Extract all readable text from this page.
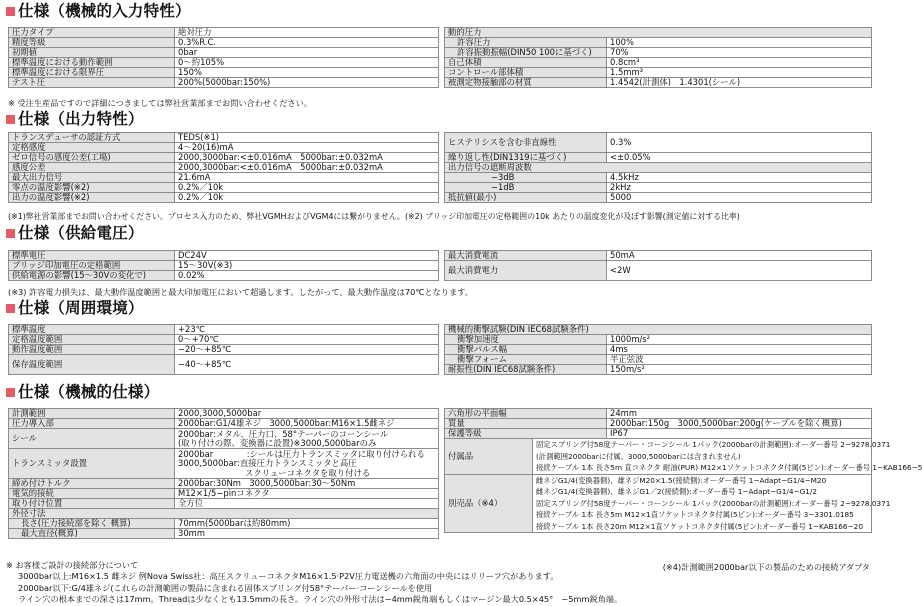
仕様（機械的入力特性）
圧力タイプ	絶対圧力
精度等級	0.3%R.C.
初期値	0bar
標準温度における動作範囲	0〜約105%
標準温度における限界圧	150%
テスト圧	200%(5000bar:150%)
動的圧力	
許容圧力	100%
許容振動振幅(DIN50 100に基づく)	70%
自己体積	0.8cm³
コントロール部体積	1.5mm³
被測定物接触部の材質	1.4542(計測体)　1.4301(シール)
※ 受注生産品ですので詳細につきましては弊社営業部までお問い合わせください。
仕様（出力特性）
トランスデューサの認証方式	TEDS(※1)
定格感度	4〜20(16)mA
ゼロ信号の感度公差(工場)	2000,3000bar:<±0.016mA　5000bar:±0.032mA
感度公差	2000,3000bar:<±0.016mA　5000bar:±0.032mA
最大出力信号	21.6mA
零点の温度影響(※2)	0.2%／10k
出力の温度影響(※2)	0.2%／10k
ヒステリシスを含む非直線性	0.3%
繰り返し性(DIN1319に基づく)	<±0.05%
出力信号の遮断周波数	
−3dB	4.5kHz
−1dB	2kHz
抵抗値(最小)	5000
(※1)弊社営業部までお問い合わせください。プロセス入力のため、弊社VGMHおよびVGM4には繋がりません。(※2) ブリッジ印加電圧の定格範囲の10k あたりの温度変化が及ぼす影響(測定値に対する比率)
仕様（供給電圧）
標準電圧	DC24V
ブリッジ印加電圧の定格範囲	15〜30V(※3)
供給電源の影響(15〜30Vの変化で)	0.02%
最大消費電流	50mA
最大消費電力	<2W
(※3) 許容電力損失は、最大動作温度範囲と最大印加電圧において超過します。したがって、最大動作温度は70℃となります。
仕様（周囲環境）
標準温度	+23℃
定格温度範囲	0〜+70℃
動作温度範囲	−20〜+85℃
保存温度範囲	−40〜+85℃
機械的衝撃試験(DIN IEC68試験条件)	
衝撃加速度	1000m/s²
衝撃パルス幅	4ms
衝撃フォーム	半正弦波
耐振性(DIN IEC68試験条件)	150m/s²
仕様（機械的仕様）
計測範囲	2000,3000,5000bar
圧力導入部	2000bar:G1/4雄ネジ　3000,5000bar:M16×1.5雌ネジ
シール	2000bar:メタル、圧力口、58°テーパーのコーンシール
	(取り付けの際、変換器に設置)※3000,5000barのみ
トランスミッタ設置	2000bar　　　　:シールは圧力トランスミッタに取り付けられる
	3000,5000bar:直接圧力トランスミッタと高圧
	　　　　　　　　スクリューコネクタを取り付ける
締め付けトルク	2000bar:30Nm　3000,5000bar:30〜50Nm
電気的接続	M12×1/5−pinコネクタ
取り付け位置	全方位
外径寸法	
長さ(圧力接続部を除く 概算)	70mm(5000barは約80mm)
最大直径(概算)	30mm
六角形の平面幅		24mm
質量		2000bar:150g　3000,5000bar:200g(ケーブルを除く概算)
保護等級		IP67
付属品	固定スプリング付58度テーパー・コーンシール 1パック(2000barの計測範囲):オーダー番号 2−9278.0371	
	(計測範囲2000barに付属、3000,5000barには含まれません)	
	接続ケーブル 1本 長さ5m 直コネクタ 耐油(PUR) M12×1ソケットコネクタ付属(5ピン):オーダー番号 1−KAB166−5	
別売品（※4）	雌ネジG1/4(変換器側)、雄ネジM20×1.5(接続側):オーダー番号 1−Adapt−G1/4−M20	
	雌ネジG1/4(変換器側)、雄ネジG1／2(接続側):オーダー番号 1−Adapt−G1/4−G1/2	
	固定スプリング付58度テーパー・コーンシール 1パック(2000barの計測範囲):オーダー番号 2−9278.0371	
	接続ケーブル 1本 長さ5m M12×1直ソケットコネクタ付属(5ピン):オーダー番号 3−3301.0185	
	接続ケーブル 1本 長さ20m M12×1直ソケットコネクタ付属(5ピン):オーダー番号 1−KAB166−20	
(※4)計測範囲2000bar以下の製品のための接続アダプタ
※ お客様ご設計の接続部分について
3000bar以上:M16×1.5 雌ネジ 例Nova Swiss社：高圧スクリューコネクタM16×1.5·P2V圧力電送機の六角面の中央にはリリーフ穴があります。
2000bar以下:G/4雄ネジ(これらの計測範囲の製品に含まれる固体スプリング付58°テーパー·コーンシールを使用
ライン穴の根本までの深さは17mm。Threadは少なくとも13.5mmの長さ。ライン穴の外形寸法は−4mm鋭角端もしくはマージン最大0.5×45°　−5mm鋭角端。
